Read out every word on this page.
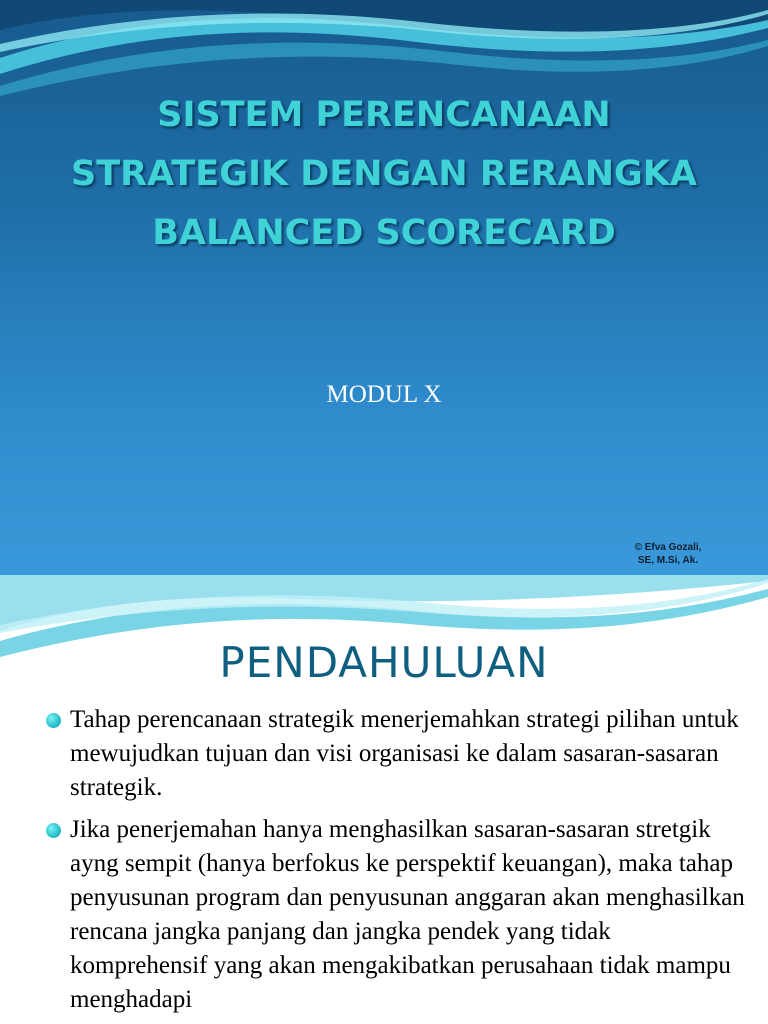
SISTEM PERENCANAAN
STRATEGIK DENGAN RERANGKA
BALANCED SCORECARD
MODUL X
© Efva Gozali,
SE, M.Si, Ak.
PENDAHULUAN
Tahap perencanaan strategik menerjemahkan strategi pilihan untuk mewujudkan tujuan dan visi organisasi ke dalam sasaran-sasaran strategik.
Jika penerjemahan hanya menghasilkan sasaran-sasaran stretgik ayng sempit (hanya berfokus ke perspektif keuangan), maka tahap penyusunan program dan penyusunan anggaran akan menghasilkan rencana jangka panjang dan jangka pendek yang tidak komprehensif yang akan mengakibatkan perusahaan tidak mampu menghadapi
